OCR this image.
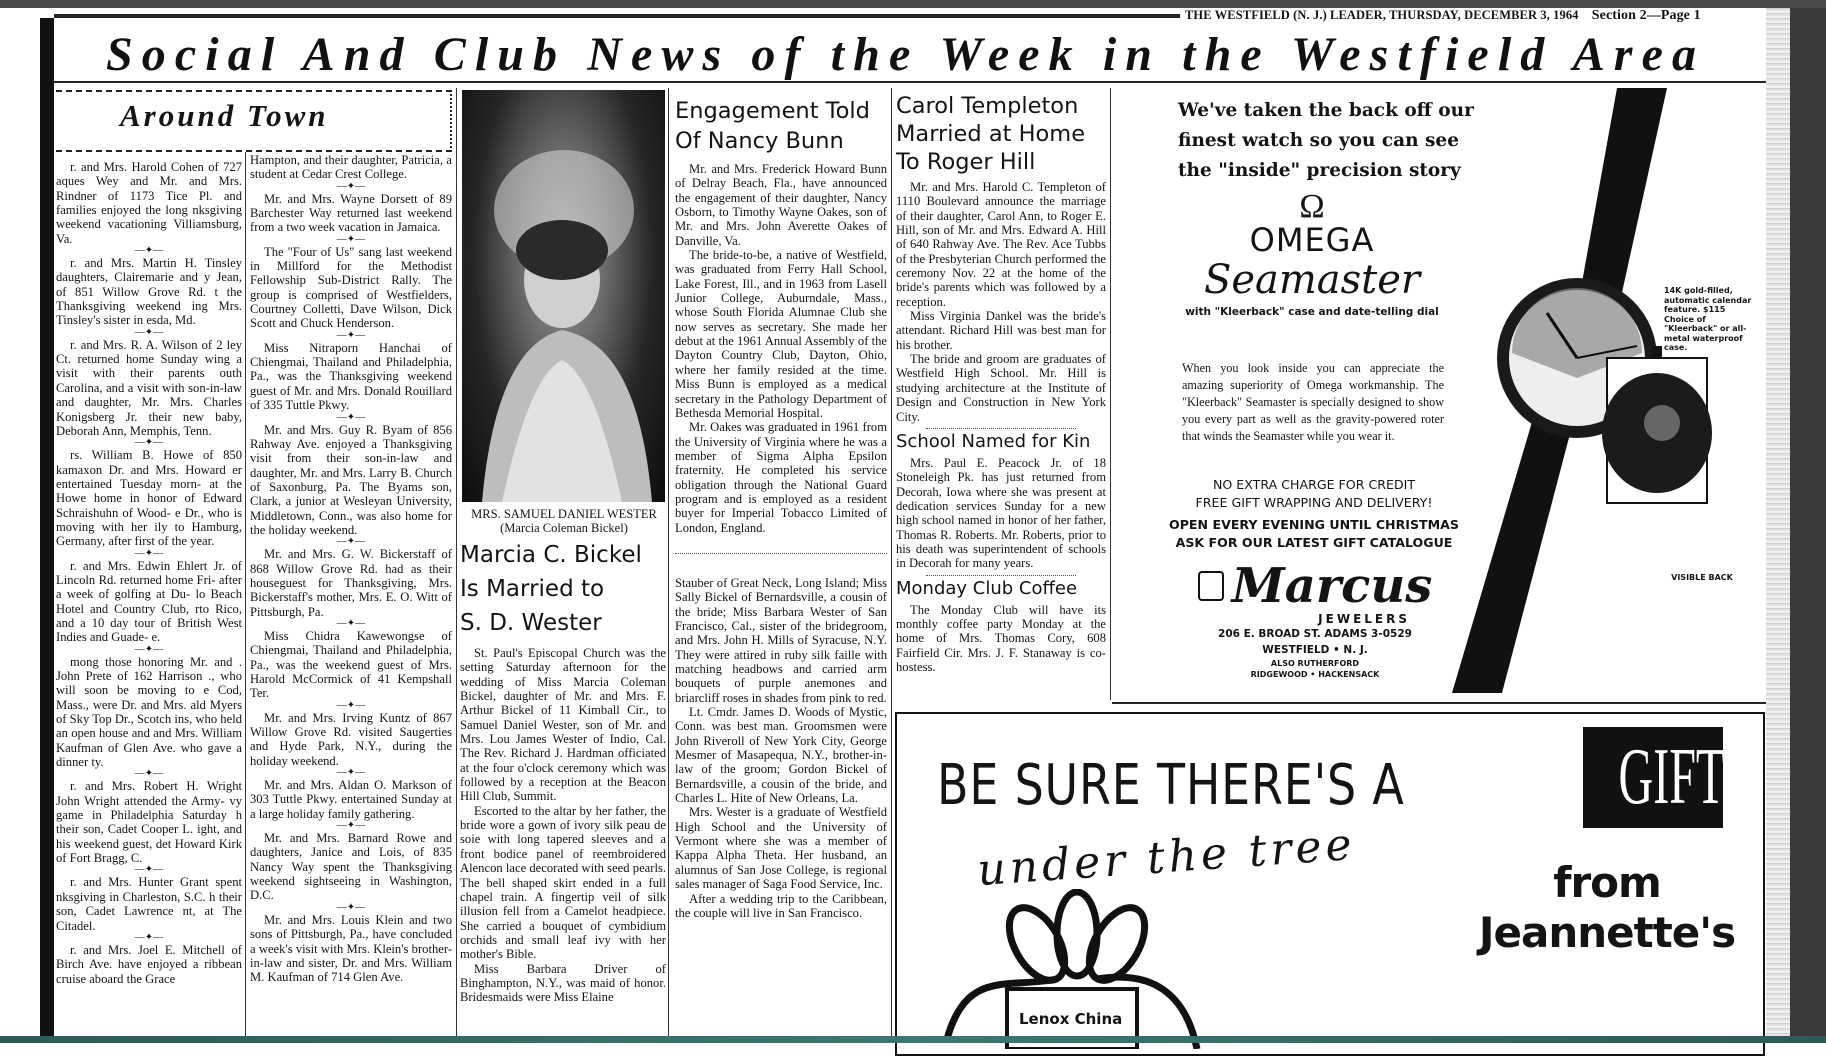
THE WESTFIELD (N. J.) LEADER, THURSDAY, DECEMBER 3, 1964 Section 2—Page 1
Social And Club News of the Week in the Westfield Area
Around Town

r. and Mrs. Harold Cohen of 727 aques Wey and Mr. and Mrs. Rindner of 1173 Tice Pl. and families enjoyed the long nksgiving weekend vacationing Villiamsburg, Va.

—✦—

r. and Mrs. Martin H. Tinsley daughters, Clairemarie and y Jean, of 851 Willow Grove Rd. t the Thanksgiving weekend ing Mrs. Tinsley's sister in esda, Md.

—✦—

r. and Mrs. R. A. Wilson of 2 ley Ct. returned home Sunday wing a visit with their parents outh Carolina, and a visit with son-in-law and daughter, Mr. Mrs. Charles Konigsberg Jr. their new baby, Deborah Ann, Memphis, Tenn.

—✦—

rs. William B. Howe of 850 kamaxon Dr. and Mrs. Howard er entertained Tuesday morn- at the Howe home in honor of Edward Schraishuhn of Wood- e Dr., who is moving with her ily to Hamburg, Germany, after first of the year.

—✦—

r. and Mrs. Edwin Ehlert Jr. of Lincoln Rd. returned home Fri- after a week of golfing at Du- lo Beach Hotel and Country Club, rto Rico, and a 10 day tour of British West Indies and Guade- e.

—✦—

mong those honoring Mr. and . John Prete of 162 Harrison ., who will soon be moving to e Cod, Mass., were Dr. and Mrs. ald Myers of Sky Top Dr., Scotch ins, who held an open house and and Mrs. William Kaufman of Glen Ave. who gave a dinner ty.

—✦—

r. and Mrs. Robert H. Wright John Wright attended the Army- vy game in Philadelphia Saturday h their son, Cadet Cooper L. ight, and his weekend guest, det Howard Kirk of Fort Bragg, C.

—✦—

r. and Mrs. Hunter Grant spent nksgiving in Charleston, S.C. h their son, Cadet Lawrence nt, at The Citadel.

—✦—

r. and Mrs. Joel E. Mitchell of Birch Ave. have enjoyed a ribbean cruise aboard the Grace

Hampton, and their daughter, Patricia, a student at Cedar Crest College.

—✦—

Mr. and Mrs. Wayne Dorsett of 89 Barchester Way returned last weekend from a two week vacation in Jamaica.

—✦—

The "Four of Us" sang last weekend in Millford for the Methodist Fellowship Sub-District Rally. The group is comprised of Westfielders, Courtney Colletti, Dave Wilson, Dick Scott and Chuck Henderson.

—✦—

Miss Nitraporn Hanchai of Chiengmai, Thailand and Philadelphia, Pa., was the Thanksgiving weekend guest of Mr. and Mrs. Donald Rouillard of 335 Tuttle Pkwy.

—✦—

Mr. and Mrs. Guy R. Byam of 856 Rahway Ave. enjoyed a Thanksgiving visit from their son-in-law and daughter, Mr. and Mrs. Larry B. Church of Saxonburg, Pa. The Byams son, Clark, a junior at Wesleyan University, Middletown, Conn., was also home for the holiday weekend.

—✦—

Mr. and Mrs. G. W. Bickerstaff of 868 Willow Grove Rd. had as their houseguest for Thanksgiving, Mrs. Bickerstaff's mother, Mrs. E. O. Witt of Pittsburgh, Pa.

—✦—

Miss Chidra Kawewongse of Chiengmai, Thailand and Philadelphia, Pa., was the weekend guest of Mrs. Harold McCormick of 41 Kempshall Ter.

—✦—

Mr. and Mrs. Irving Kuntz of 867 Willow Grove Rd. visited Saugerties and Hyde Park, N.Y., during the holiday weekend.

—✦—

Mr. and Mrs. Aldan O. Markson of 303 Tuttle Pkwy. entertained Sunday at a large holiday family gathering.

—✦—

Mr. and Mrs. Barnard Rowe and daughters, Janice and Lois, of 835 Nancy Way spent the Thanksgiving weekend sightseeing in Washington, D.C.

—✦—

Mr. and Mrs. Louis Klein and two sons of Pittsburgh, Pa., have concluded a week's visit with Mrs. Klein's brother-in-law and sister, Dr. and Mrs. William M. Kaufman of 714 Glen Ave.

MRS. SAMUEL DANIEL WESTER
(Marcia Coleman Bickel)
Marcia C. Bickel
Is Married to
S. D. Wester

St. Paul's Episcopal Church was the setting Saturday afternoon for the wedding of Miss Marcia Coleman Bickel, daughter of Mr. and Mrs. F. Arthur Bickel of 11 Kimball Cir., to Samuel Daniel Wester, son of Mr. and Mrs. Lou James Wester of Indio, Cal. The Rev. Richard J. Hardman officiated at the four o'clock ceremony which was followed by a reception at the Beacon Hill Club, Summit.

Escorted to the altar by her father, the bride wore a gown of ivory silk peau de soie with long tapered sleeves and a front bodice panel of reembroidered Alencon lace decorated with seed pearls. The bell shaped skirt ended in a full chapel train. A fingertip veil of silk illusion fell from a Camelot headpiece. She carried a bouquet of cymbidium orchids and small leaf ivy with her mother's Bible.

Miss Barbara Driver of Binghampton, N.Y., was maid of honor. Bridesmaids were Miss Elaine

Engagement Told
Of Nancy Bunn

Mr. and Mrs. Frederick Howard Bunn of Delray Beach, Fla., have announced the engagement of their daughter, Nancy Osborn, to Timothy Wayne Oakes, son of Mr. and Mrs. John Averette Oakes of Danville, Va.

The bride-to-be, a native of Westfield, was graduated from Ferry Hall School, Lake Forest, Ill., and in 1963 from Lasell Junior College, Auburndale, Mass., whose South Florida Alumnae Club she now serves as secretary. She made her debut at the 1961 Annual Assembly of the Dayton Country Club, Dayton, Ohio, where her family resided at the time. Miss Bunn is employed as a medical secretary in the Pathology Department of Bethesda Memorial Hospital.

Mr. Oakes was graduated in 1961 from the University of Virginia where he was a member of Sigma Alpha Epsilon fraternity. He completed his service obligation through the National Guard program and is employed as a resident buyer for Imperial Tobacco Limited of London, England.

Stauber of Great Neck, Long Island; Miss Sally Bickel of Bernardsville, a cousin of the bride; Miss Barbara Wester of San Francisco, Cal., sister of the bridegroom, and Mrs. John H. Mills of Syracuse, N.Y. They were attired in ruby silk faille with matching headbows and carried arm bouquets of purple anemones and briarcliff roses in shades from pink to red.

Lt. Cmdr. James D. Woods of Mystic, Conn. was best man. Groomsmen were John Riveroll of New York City, George Mesmer of Masapequa, N.Y., brother-in-law of the groom; Gordon Bickel of Bernardsville, a cousin of the bride, and Charles L. Hite of New Orleans, La.

Mrs. Wester is a graduate of Westfield High School and the University of Vermont where she was a member of Kappa Alpha Theta. Her husband, an alumnus of San Jose College, is regional sales manager of Saga Food Service, Inc.

After a wedding trip to the Caribbean, the couple will live in San Francisco.

Carol Templeton
Married at Home
To Roger Hill

Mr. and Mrs. Harold C. Templeton of 1110 Boulevard announce the marriage of their daughter, Carol Ann, to Roger E. Hill, son of Mr. and Mrs. Edward A. Hill of 640 Rahway Ave. The Rev. Ace Tubbs of the Presbyterian Church performed the ceremony Nov. 22 at the home of the bride's parents which was followed by a reception.

Miss Virginia Dankel was the bride's attendant. Richard Hill was best man for his brother.

The bride and groom are graduates of Westfield High School. Mr. Hill is studying architecture at the Institute of Design and Construction in New York City.

School Named for Kin

Mrs. Paul E. Peacock Jr. of 18 Stoneleigh Pk. has just returned from Decorah, Iowa where she was present at dedication services Sunday for a new high school named in honor of her father, Thomas R. Roberts. Mr. Roberts, prior to his death was superintendent of schools in Decorah for many years.

Monday Club Coffee

The Monday Club will have its monthly coffee party Monday at the home of Mrs. Thomas Cory, 608 Fairfield Cir. Mrs. J. F. Stanaway is co-hostess.

We've taken the back off our
finest watch so you can see
the "inside" precision story
Ω
OMEGA
Seamaster
with "Kleerback" case and date-telling dial
When you look inside you can appreciate the amazing superiority of Omega workmanship. The "Kleerback" Seamaster is specially designed to show you every part as well as the gravity-powered roter that winds the Seamaster while you wear it.
NO EXTRA CHARGE FOR CREDIT
FREE GIFT WRAPPING AND DELIVERY!
OPEN EVERY EVENING UNTIL CHRISTMAS
ASK FOR OUR LATEST GIFT CATALOGUE
Marcus
JEWELERS
206 E. BROAD ST. ADAMS 3-0529
WESTFIELD • N. J.
ALSO RUTHERFORD
RIDGEWOOD • HACKENSACK
14K gold-filled, automatic calendar feature. $115 Choice of "Kleerback" or all-metal waterproof case.
VISIBLE BACK
BE SURE THERE'S A	GIFT
under the tree
Lenox China
from
Jeannette's
